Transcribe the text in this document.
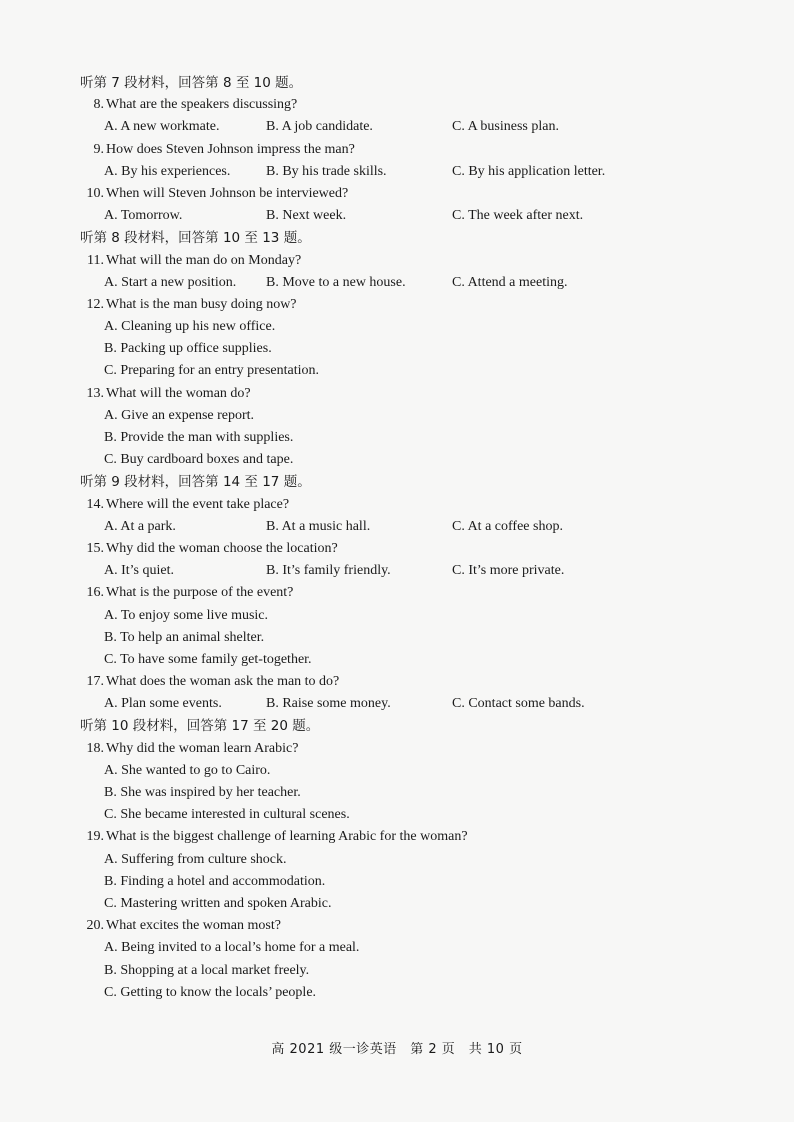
听第 7 段材料，回答第 8 至 10 题。
8. What are the speakers discussing?
A. A new workmate.	B. A job candidate.	C. A business plan.
9. How does Steven Johnson impress the man?
A. By his experiences.	B. By his trade skills.	C. By his application letter.
10. When will Steven Johnson be interviewed?
A. Tomorrow.	B. Next week.	C. The week after next.
听第 8 段材料，回答第 10 至 13 题。
11. What will the man do on Monday?
A. Start a new position. B. Move to a new house.	C. Attend a meeting.
12. What is the man busy doing now?
A. Cleaning up his new office.
B. Packing up office supplies.
C. Preparing for an entry presentation.
13. What will the woman do?
A. Give an expense report.
B. Provide the man with supplies.
C. Buy cardboard boxes and tape.
听第 9 段材料，回答第 14 至 17 题。
14. Where will the event take place?
A. At a park.	B. At a music hall.	C. At a coffee shop.
15. Why did the woman choose the location?
A. It’s quiet.	B. It’s family friendly.	C. It’s more private.
16. What is the purpose of the event?
A. To enjoy some live music.
B. To help an animal shelter.
C. To have some family get-together.
17. What does the woman ask the man to do?
A. Plan some events.	B. Raise some money.	C. Contact some bands.
听第 10 段材料，回答第 17 至 20 题。
18. Why did the woman learn Arabic?
A. She wanted to go to Cairo.
B. She was inspired by her teacher.
C. She became interested in cultural scenes.
19. What is the biggest challenge of learning Arabic for the woman?
A. Suffering from culture shock.
B. Finding a hotel and accommodation.
C. Mastering written and spoken Arabic.
20. What excites the woman most?
A. Being invited to a local’s home for a meal.
B. Shopping at a local market freely.
C. Getting to know the locals’ people.
高 2021 级一诊英语　第 2 页　共 10 页
